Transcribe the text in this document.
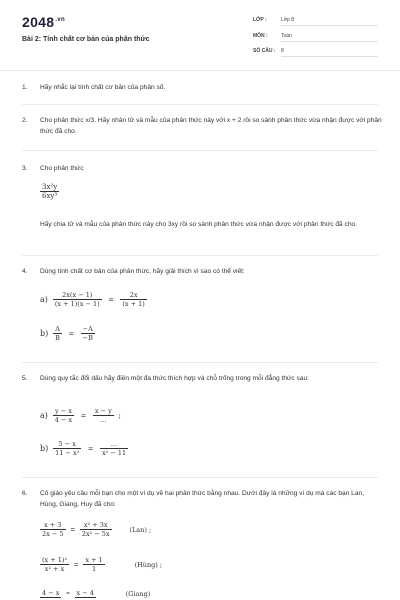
$2048^{.vn}$
Bài 2: Tính chất cơ bản của phân thức
LỚP :	Lớp 8
MÔN :	Toán
SỐ CÂU : 8
1.	Hãy nhắc lại tính chất cơ bản của phân số.
2.	Cho phân thức x/3. Hãy nhân tử và mẫu của phân thức này với x + 2 rồi so sánh phân thức vừa nhận được với phân thức đã cho.
3.	Cho phân thức
$\frac{\text{3x²y}}{\text{6xy³}}$
Hãy chia tử và mẫu của phân thức này cho 3xy rồi so sánh phân thức vừa nhận được với phân thức đã cho.
4.	Dùng tính chất cơ bản của phân thức, hãy giải thích vì sao có thể viết:
$a) \frac{2x(x - 1)}{(x + 1)(x - 1)} = \frac{2x}{(x + 1)}$
$b) \frac{A}{B} = \frac{-A}{-B}$
5.	Dùng quy tắc đổi dấu hãy điền một đa thức thích hợp và chỗ trống trong mỗi đẳng thức sau:
$a) \frac{y - x}{4 - x} = \frac{x - y}{...}$ ;
$b) \frac{5 - x}{\text{11 − x²}} = \frac{...}{\text{x² − 11}}$
6.	Cô giáo yêu cầu mỗi bạn cho một ví dụ về hai phân thức bằng nhau. Dưới đây là những ví dụ mà các bạn Lan, Hùng, Giang, Huy đã cho:
$\frac{x + 3}{2x - 5} = \frac{\text{x² + 3x}}{\text{2x² − 5x}}$	(Lan) ;
$\frac{\text{(x + 1)²}}{\text{x² + x}} = \frac{x + 1}{1}$	(Hùng) ;
4 − x	=	x − 4	(Giang)
